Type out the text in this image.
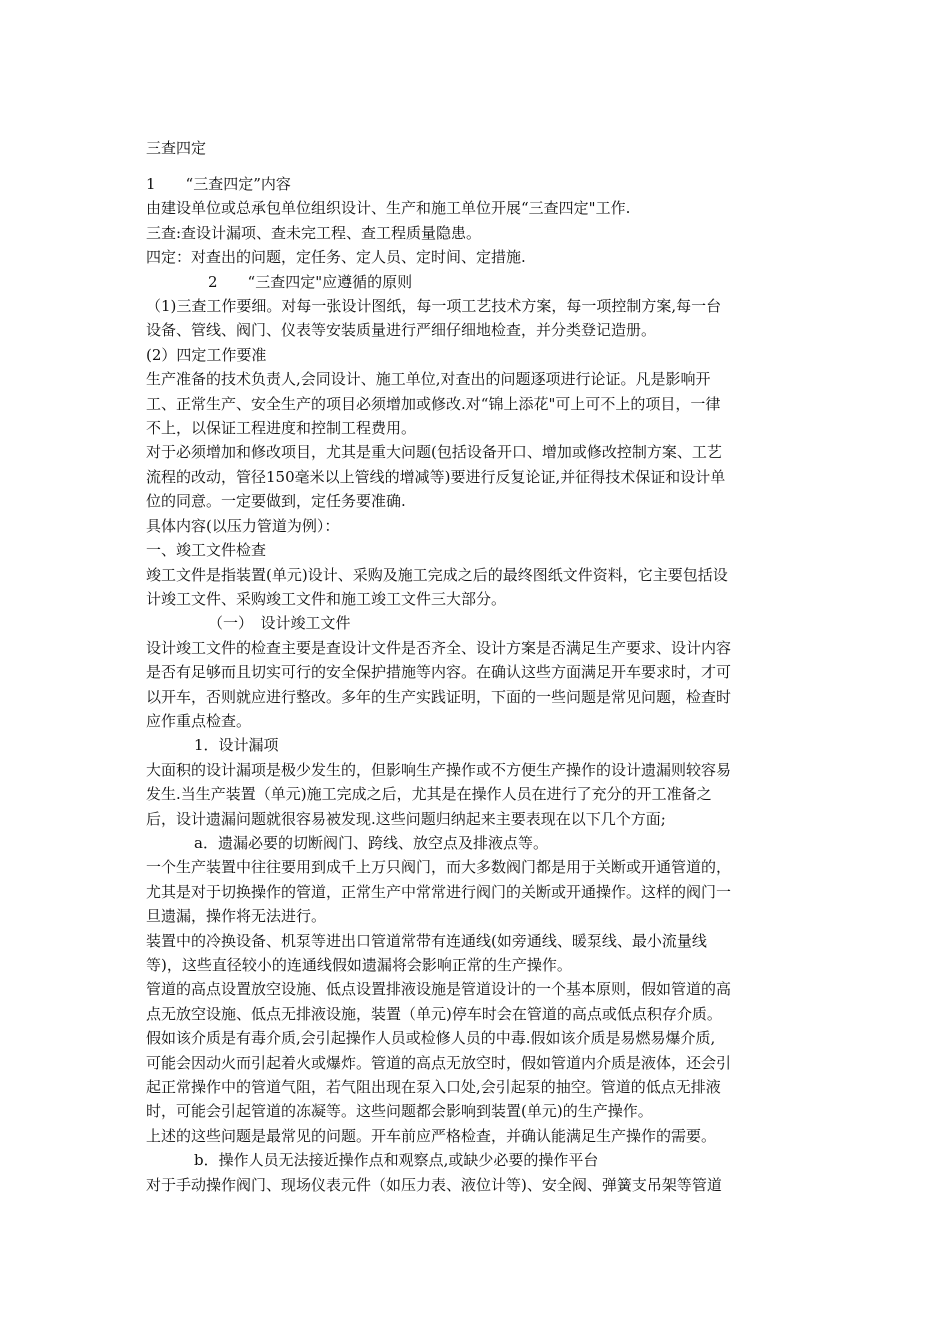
三查四定
1　　“三查四定”内容
由建设单位或总承包单位组织设计、生产和施工单位开展“三查四定"工作.
三查:查设计漏项、查未完工程、查工程质量隐患。
四定：对查出的问题，定任务、定人员、定时间、定措施.
2　　“三查四定"应遵循的原则
（1)三查工作要细。对每一张设计图纸，每一项工艺技术方案，每一项控制方案,每一台
设备、管线、阀门、仪表等安装质量进行严细仔细地检查，并分类登记造册。
(2）四定工作要准
生产准备的技术负责人,会同设计、施工单位,对查出的问题逐项进行论证。凡是影响开
工、正常生产、安全生产的项目必须增加或修改.对“锦上添花"可上可不上的项目，一律
不上，以保证工程进度和控制工程费用。
对于必须增加和修改项目，尤其是重大问题(包括设备开口、增加或修改控制方案、工艺
流程的改动，管径150毫米以上管线的增减等)要进行反复论证,并征得技术保证和设计单
位的同意。一定要做到，定任务要准确.
具体内容(以压力管道为例）：
一、竣工文件检查
竣工文件是指装置(单元)设计、采购及施工完成之后的最终图纸文件资料，它主要包括设
计竣工文件、采购竣工文件和施工竣工文件三大部分。
（一）　设计竣工文件
设计竣工文件的检查主要是查设计文件是否齐全、设计方案是否满足生产要求、设计内容
是否有足够而且切实可行的安全保护措施等内容。在确认这些方面满足开车要求时，才可
以开车，否则就应进行整改。多年的生产实践证明，下面的一些问题是常见问题，检查时
应作重点检查。
1．设计漏项
大面积的设计漏项是极少发生的，但影响生产操作或不方便生产操作的设计遗漏则较容易
发生.当生产装置（单元)施工完成之后，尤其是在操作人员在进行了充分的开工准备之
后，设计遗漏问题就很容易被发现.这些问题归纳起来主要表现在以下几个方面;
a．遗漏必要的切断阀门、跨线、放空点及排液点等。
一个生产装置中往往要用到成千上万只阀门，而大多数阀门都是用于关断或开通管道的，
尤其是对于切换操作的管道，正常生产中常常进行阀门的关断或开通操作。这样的阀门一
旦遗漏，操作将无法进行。
装置中的冷换设备、机泵等进出口管道常带有连通线(如旁通线、暖泵线、最小流量线
等)，这些直径较小的连通线假如遗漏将会影响正常的生产操作。
管道的高点设置放空设施、低点设置排液设施是管道设计的一个基本原则，假如管道的高
点无放空设施、低点无排液设施，装置（单元)停车时会在管道的高点或低点积存介质。
假如该介质是有毒介质,会引起操作人员或检修人员的中毒.假如该介质是易燃易爆介质,
可能会因动火而引起着火或爆炸。管道的高点无放空时，假如管道内介质是液体，还会引
起正常操作中的管道气阻，若气阻出现在泵入口处,会引起泵的抽空。管道的低点无排液
时，可能会引起管道的冻凝等。这些问题都会影响到装置(单元)的生产操作。
上述的这些问题是最常见的问题。开车前应严格检查，并确认能满足生产操作的需要。
b．操作人员无法接近操作点和观察点,或缺少必要的操作平台
对于手动操作阀门、现场仪表元件（如压力表、液位计等)、安全阀、弹簧支吊架等管道
